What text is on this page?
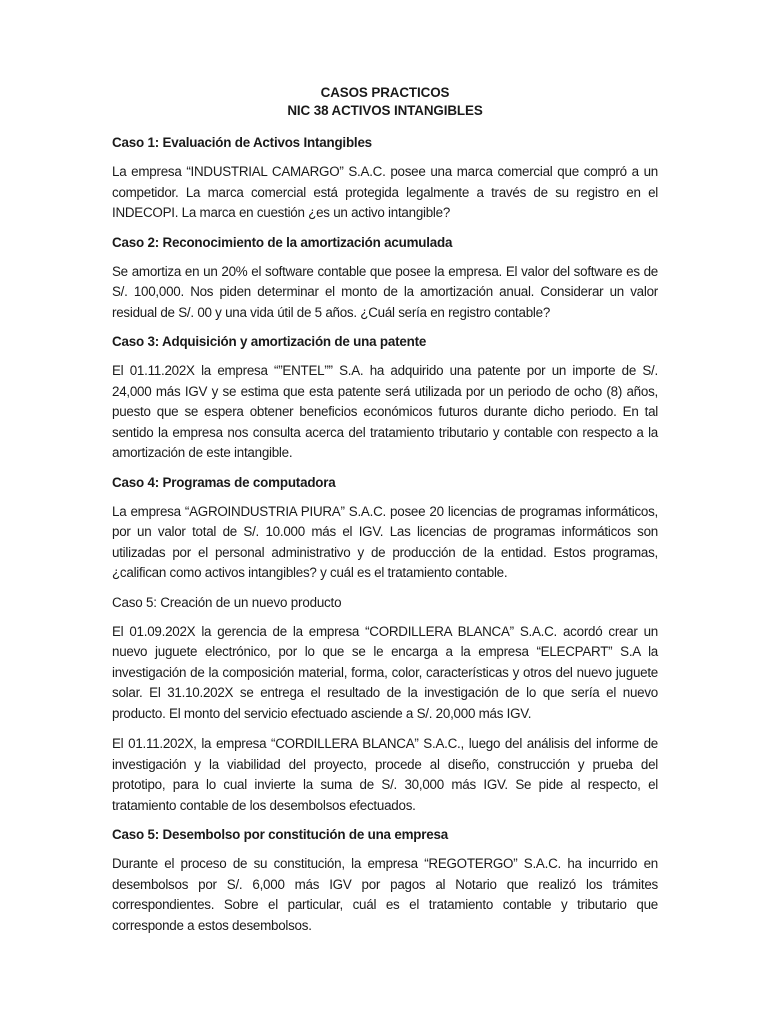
CASOS PRACTICOS
NIC 38 ACTIVOS INTANGIBLES
Caso 1: Evaluación de Activos Intangibles

La empresa “INDUSTRIAL CAMARGO” S.A.C. posee una marca comercial que compró a un competidor. La marca comercial está protegida legalmente a través de su registro en el INDECOPI. La marca en cuestión ¿es un activo intangible?

Caso 2: Reconocimiento de la amortización acumulada

Se amortiza en un 20% el software contable que posee la empresa. El valor del software es de S/. 100,000. Nos piden determinar el monto de la amortización anual. Considerar un valor residual de S/. 00 y una vida útil de 5 años. ¿Cuál sería en registro contable?

Caso 3: Adquisición y amortización de una patente

El 01.11.202X la empresa “”ENTEL”” S.A. ha adquirido una patente por un importe de S/. 24,000 más IGV y se estima que esta patente será utilizada por un periodo de ocho (8) años, puesto que se espera obtener beneficios económicos futuros durante dicho periodo. En tal sentido la empresa nos consulta acerca del tratamiento tributario y contable con respecto a la amortización de este intangible.

Caso 4: Programas de computadora

La empresa “AGROINDUSTRIA PIURA” S.A.C. posee 20 licencias de programas informáticos, por un valor total de S/. 10.000 más el IGV. Las licencias de programas informáticos son utilizadas por el personal administrativo y de producción de la entidad. Estos programas, ¿califican como activos intangibles? y cuál es el tratamiento contable.

Caso 5: Creación de un nuevo producto

El 01.09.202X la gerencia de la empresa “CORDILLERA BLANCA” S.A.C. acordó crear un nuevo juguete electrónico, por lo que se le encarga a la empresa “ELECPART” S.A la investigación de la composición material, forma, color, características y otros del nuevo juguete solar. El 31.10.202X se entrega el resultado de la investigación de lo que sería el nuevo producto. El monto del servicio efectuado asciende a S/. 20,000 más IGV.

El 01.11.202X, la empresa “CORDILLERA BLANCA” S.A.C., luego del análisis del informe de investigación y la viabilidad del proyecto, procede al diseño, construcción y prueba del prototipo, para lo cual invierte la suma de S/. 30,000 más IGV. Se pide al respecto, el tratamiento contable de los desembolsos efectuados.

Caso 5: Desembolso por constitución de una empresa

Durante el proceso de su constitución, la empresa “REGOTERGO” S.A.C. ha incurrido en desembolsos por S/. 6,000 más IGV por pagos al Notario que realizó los trámites correspondientes. Sobre el particular, cuál es el tratamiento contable y tributario que corresponde a estos desembolsos.
